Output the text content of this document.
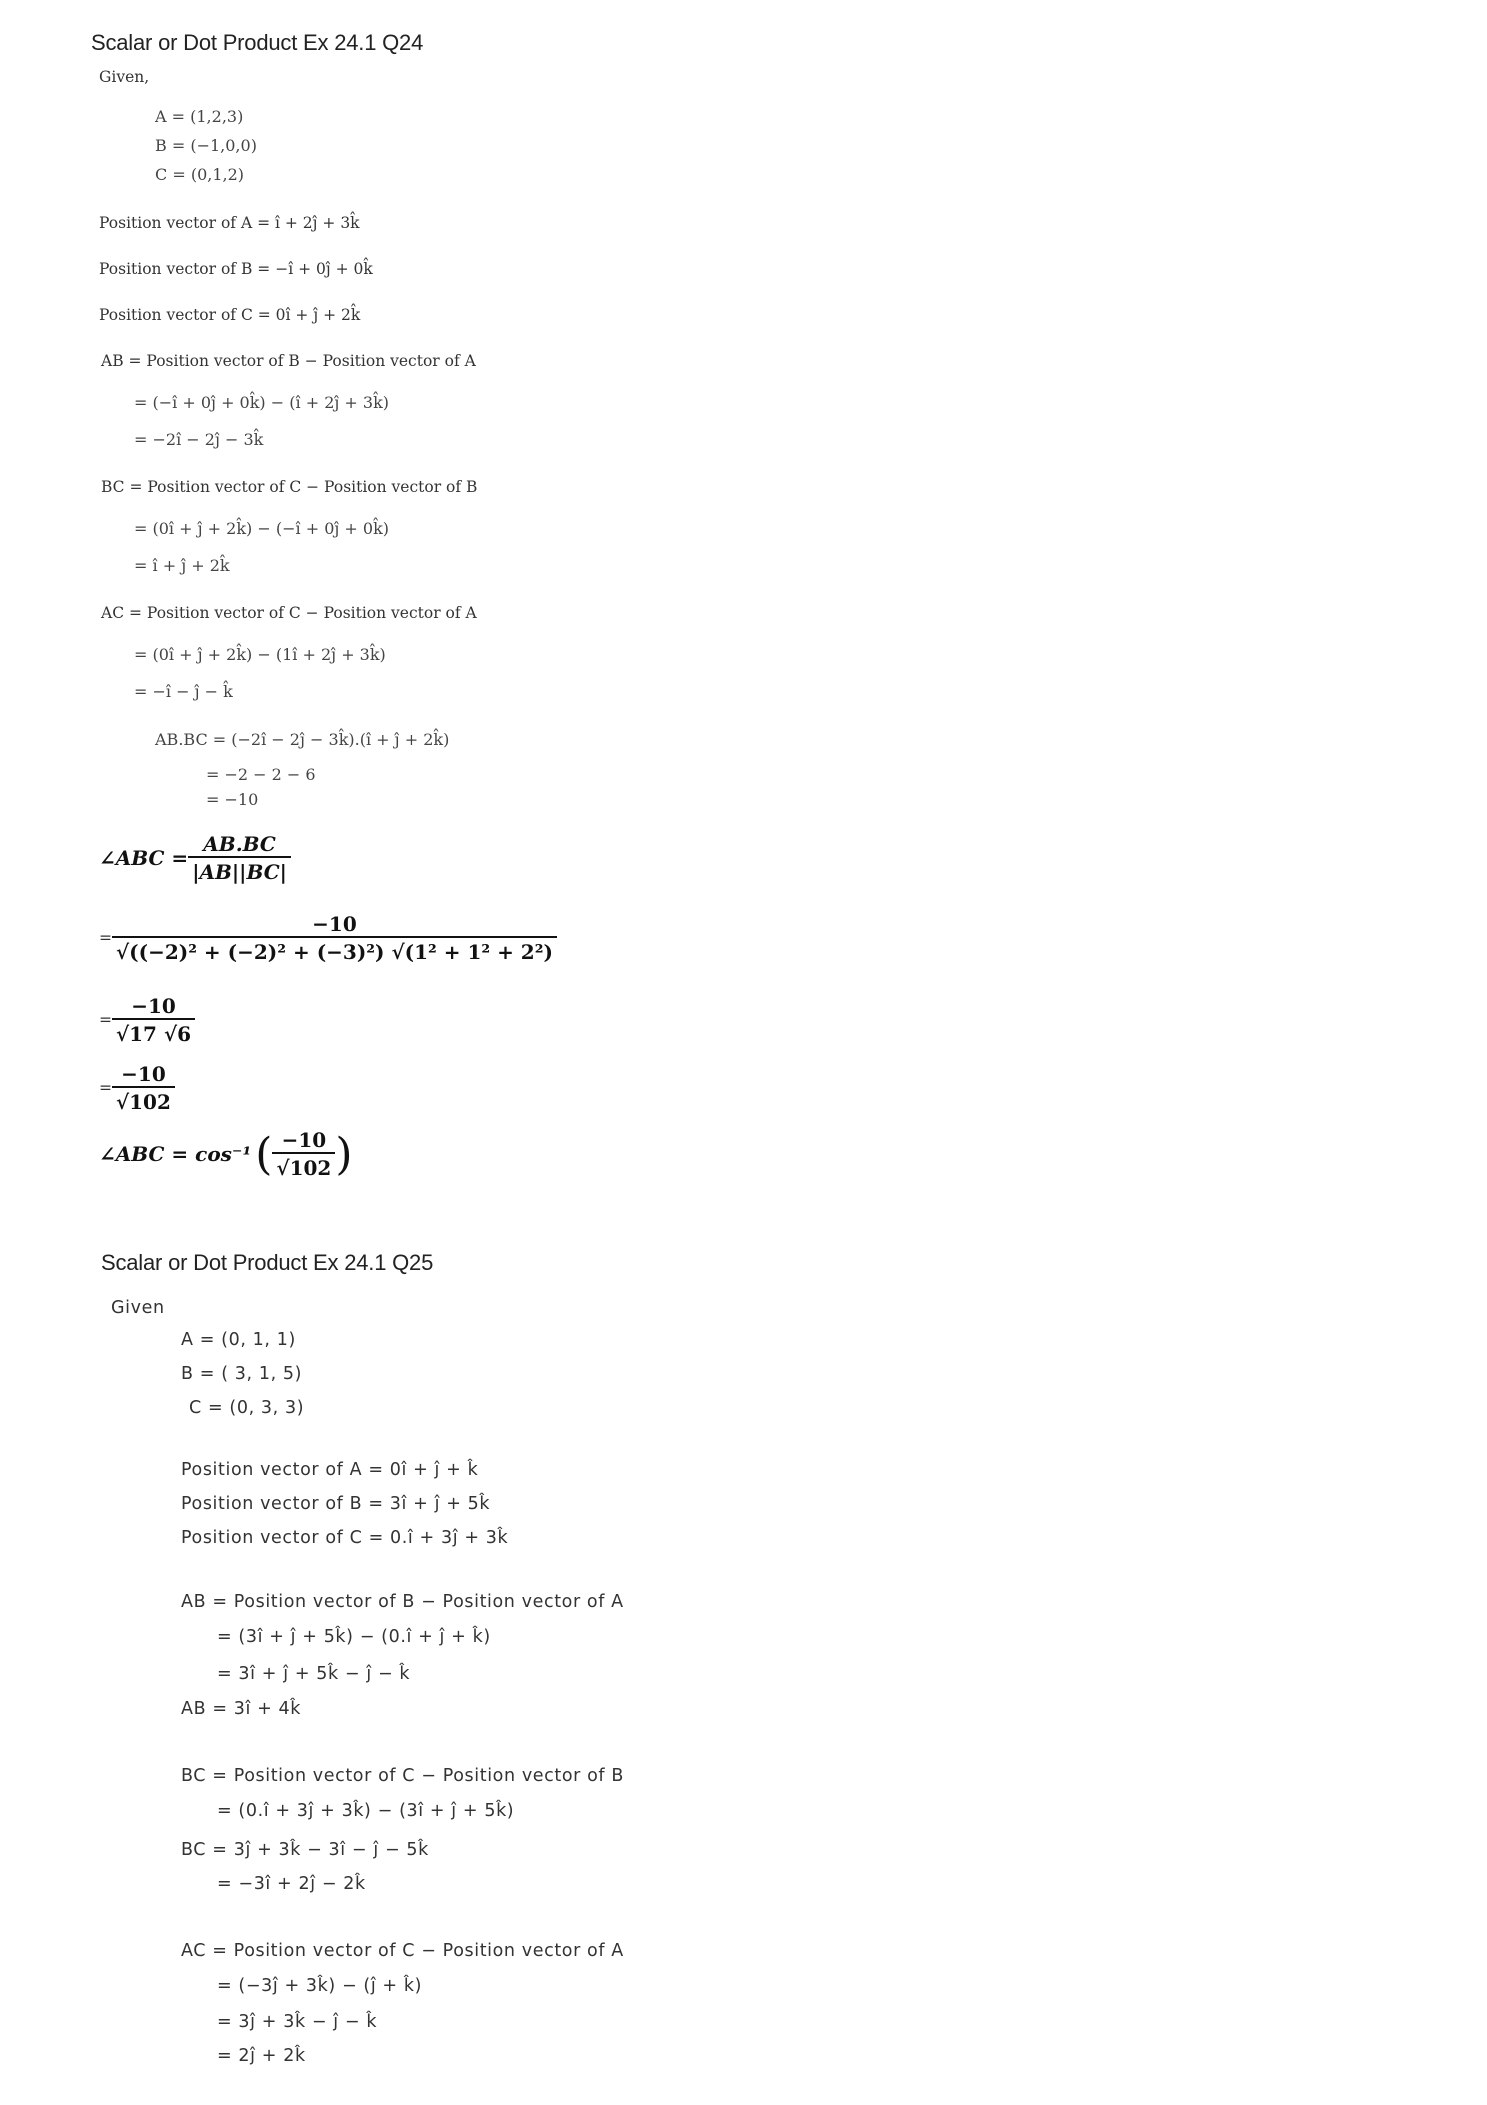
Scalar or Dot Product Ex 24.1 Q24
Given,
A = (1,2,3)
B = (−1,0,0)
C = (0,1,2)
Position vector of A = î + 2ĵ + 3k̂
Position vector of B = −î + 0ĵ + 0k̂
Position vector of C = 0î + ĵ + 2k̂
AB = Position vector of B − Position vector of A
= (−î + 0ĵ + 0k̂) − (î + 2ĵ + 3k̂)
= −2î − 2ĵ − 3k̂
BC = Position vector of C − Position vector of B
= (0î + ĵ + 2k̂) − (−î + 0ĵ + 0k̂)
= î + ĵ + 2k̂
AC = Position vector of C − Position vector of A
= (0î + ĵ + 2k̂) − (1î + 2ĵ + 3k̂)
= −î − ĵ − k̂
AB.BC = (−2î − 2ĵ − 3k̂).(î + ĵ + 2k̂)
= −2 − 2 − 6
= −10
∠ABC = $\frac{AB.BC}{|AB||BC|}$
= $\frac{-10}{\text{√((−2)² + (−2)² + (−3)²) √(1² + 1² + 2²)}}$
= $\frac{-10}{√17 √6}$
= $\frac{-10}{√102}$
∠ABC = cos⁻¹ ( $\frac{-10}{√102}$ )
Scalar or Dot Product Ex 24.1 Q25
Given
A = (0, 1, 1)
B = ( 3, 1, 5)
C = (0, 3, 3)
Position vector of A = 0î + ĵ + k̂
Position vector of B = 3î + ĵ + 5k̂
Position vector of C = 0.î + 3ĵ + 3k̂
AB = Position vector of B − Position vector of A
= (3î + ĵ + 5k̂) − (0.î + ĵ + k̂)
= 3î + ĵ + 5k̂ − ĵ − k̂
AB = 3î + 4k̂
BC = Position vector of C − Position vector of B
= (0.î + 3ĵ + 3k̂) − (3î + ĵ + 5k̂)
BC = 3ĵ + 3k̂ − 3î − ĵ − 5k̂
= −3î + 2ĵ − 2k̂
AC = Position vector of C − Position vector of A
= (−3ĵ + 3k̂) − (ĵ + k̂)
= 3ĵ + 3k̂ − ĵ − k̂
= 2ĵ + 2k̂
